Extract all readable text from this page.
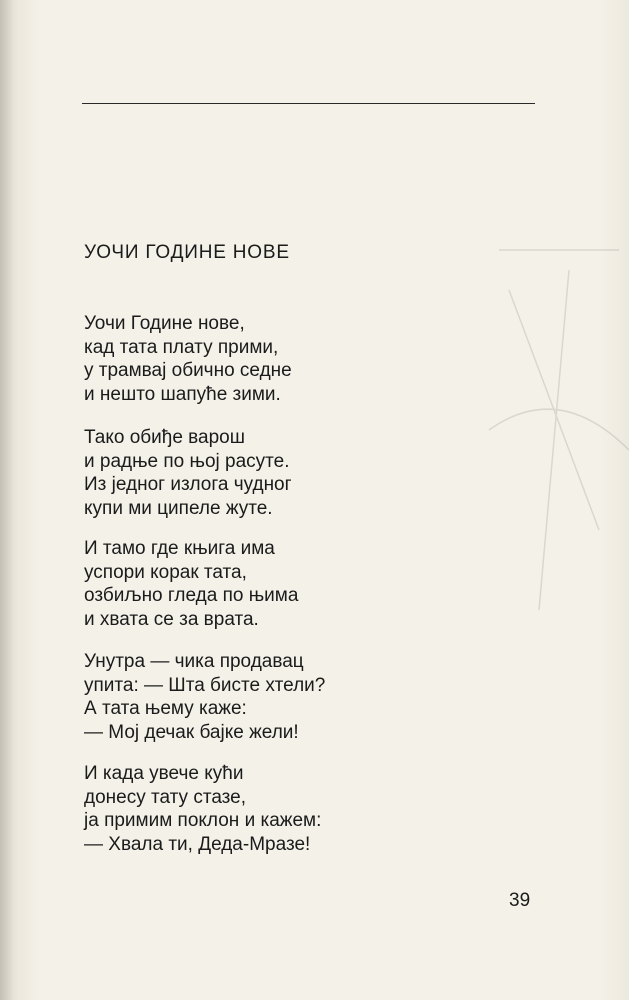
УОЧИ ГОДИНЕ НОВЕ
Уочи Године нове,
кад тата плату прими,
у трамвај обично седне
и нешто шапуће зими.
Тако обиђе варош
и радње по њој расуте.
Из једног излога чудног
купи ми ципеле жуте.
И тамо где књига има
успори корак тата,
озбиљно гледа по њима
и хвата се за врата.
Унутра — чика продавац
упита: — Шта бисте хтели?
А тата њему каже:
— Мој дечак бајке жели!
И када увече кући
донесу тату стазе,
ја примим поклон и кажем:
— Хвала ти, Деда-Мразе!
39
